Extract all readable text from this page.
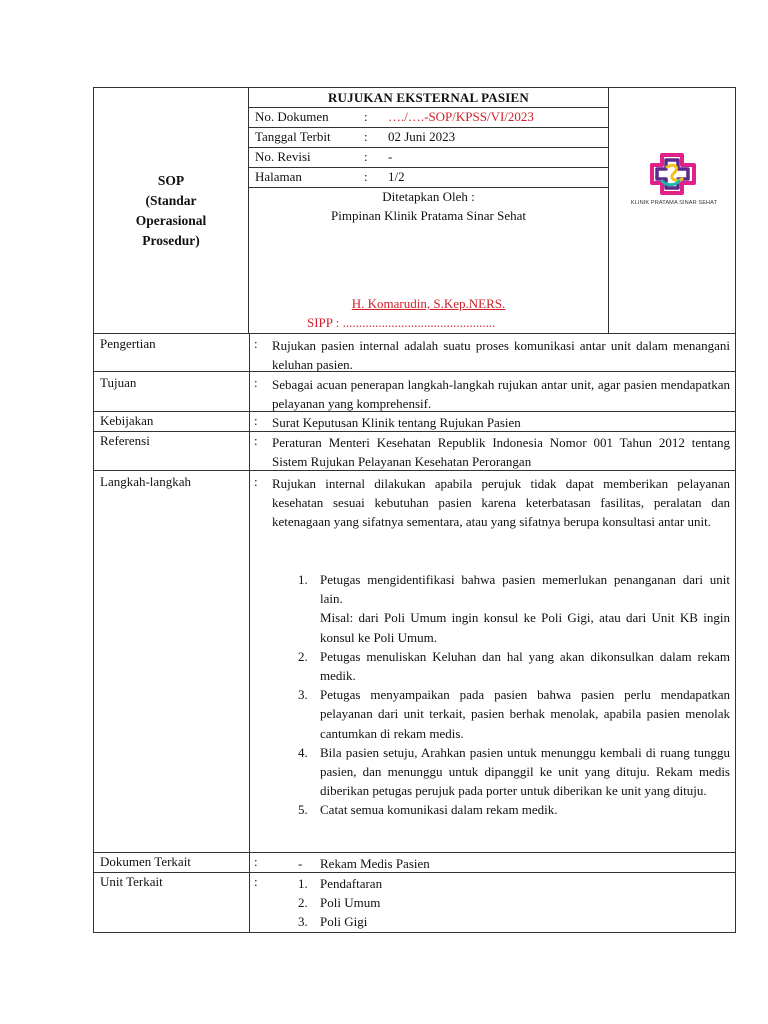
SOP
(Standar
Operasional
Prosedur)
RUJUKAN EKSTERNAL PASIEN
No. Dokumen	: …./….-SOP/KPSS/VI/2023
Tanggal Terbit	: 02 Juni 2023
No. Revisi	: -
Halaman	: 1/2
Ditetapkan Oleh :
Pimpinan Klinik Pratama Sinar Sehat
H. Komarudin, S.Kep.NERS.
SIPP : ...............................................
KLINIK PRATAMA SINAR SEHAT
Pengertian	: Rujukan pasien internal adalah suatu proses komunikasi antar unit dalam menangani keluhan pasien.
Tujuan	: Sebagai acuan penerapan langkah-langkah rujukan antar unit, agar pasien mendapatkan pelayanan yang komprehensif.
Kebijakan	: Surat Keputusan Klinik tentang Rujukan Pasien
Referensi	: Peraturan Menteri Kesehatan Republik Indonesia Nomor 001 Tahun 2012 tentang Sistem Rujukan Pelayanan Kesehatan Perorangan
Langkah-langkah	: Rujukan internal dilakukan apabila perujuk tidak dapat memberikan pelayanan kesehatan sesuai kebutuhan pasien karena keterbatasan fasilitas, peralatan dan ketenagaan yang sifatnya sementara, atau yang sifatnya berupa konsultasi antar unit.
1. Petugas mengidentifikasi bahwa pasien memerlukan penanganan dari unit lain.
Misal: dari Poli Umum ingin konsul ke Poli Gigi, atau dari Unit KB ingin konsul ke Poli Umum.
2. Petugas menuliskan Keluhan dan hal yang akan dikonsulkan dalam rekam medik.
3. Petugas menyampaikan pada pasien bahwa pasien perlu mendapatkan pelayanan dari unit terkait, pasien berhak menolak, apabila pasien menolak cantumkan di rekam medis.
4. Bila pasien setuju, Arahkan pasien untuk menunggu kembali di ruang tunggu pasien, dan menunggu untuk dipanggil ke unit yang dituju. Rekam medis diberikan petugas perujuk pada porter untuk diberikan ke unit yang dituju.
5. Catat semua komunikasi dalam rekam medik.
Dokumen Terkait	:	- Rekam Medis Pasien
Unit Terkait	:	1. Pendaftaran
2. Poli Umum
3. Poli Gigi
